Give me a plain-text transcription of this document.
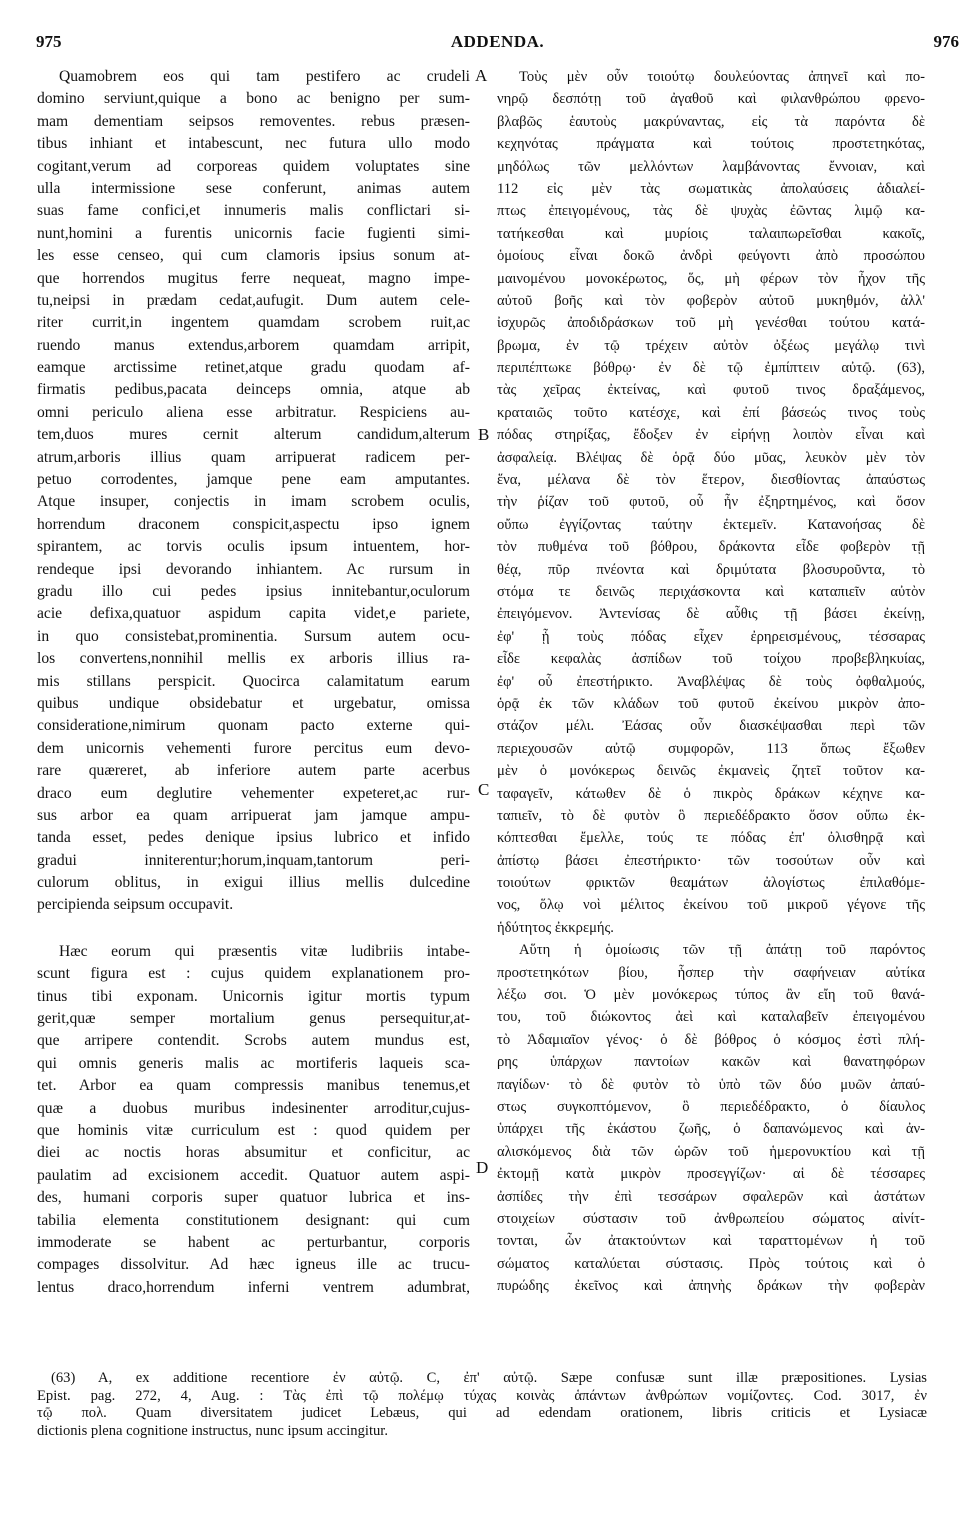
975	ADDENDA.	976
Quamobrem eos qui tam pestifero ac crudeli
domino serviunt,quique a bono ac benigno per sum-
mam dementiam seipsos removentes. rebus præsen-
tibus inhiant et intabescunt, nec futura ullo modo
cogitant,verum ad corporeas quidem voluptates sine
ulla intermissione sese conferunt, animas autem
suas fame confici,et innumeris malis conflictari si-
nunt,homini a furentis unicornis facie fugienti simi-
les esse censeo, qui cum clamoris ipsius sonum at-
que horrendos mugitus ferre nequeat, magno impe-
tu,neipsi in prædam cedat,aufugit. Dum autem cele-
riter currit,in ingentem quamdam scrobem ruit,ac
ruendo manus extendus,arborem quamdam arripit,
eamque arctissime retinet,atque gradu quodam af-
firmatis pedibus,pacata deinceps omnia, atque ab
omni periculo aliena esse arbitratur. Respiciens au-
tem,duos mures cernit alterum candidum,alterum
atrum,arboris illius quam arripuerat radicem per-
petuo corrodentes, jamque pene eam amputantes.
Atque insuper, conjectis in imam scrobem oculis,
horrendum draconem conspicit,aspectu ipso ignem
spirantem, ac torvis oculis ipsum intuentem, hor-
rendeque ipsi devorando inhiantem. Ac rursum in
gradu illo cui pedes ipsius innitebantur,oculorum
acie defixa,quatuor aspidum capita videt,e pariete,
in quo consistebat,prominentia. Sursum autem ocu-
los convertens,nonnihil mellis ex arboris illius ra-
mis stillans perspicit. Quocirca calamitatum earum
quibus undique obsidebatur et urgebatur, omissa
consideratione,nimirum quonam pacto externe qui-
dem unicornis vehementi furore percitus eum devo-
rare quæreret, ab inferiore autem parte acerbus
draco eum deglutire vehementer expeteret,ac rur-
sus arbor ea quam arripuerat jam jamque ampu-
tanda esset, pedes denique ipsius lubrico et infido
gradui inniterentur;horum,inquam,tantorum peri-
culorum oblitus, in exigui illius mellis dulcedine
percipienda seipsum occupavit.
Hæc eorum qui præsentis vitæ ludibriis intabe-
scunt figura est : cujus quidem explanationem pro-
tinus tibi exponam. Unicornis igitur mortis typum
gerit,quæ semper mortalium genus persequitur,at-
que arripere contendit. Scrobs autem mundus est,
qui omnis generis malis ac mortiferis laqueis sca-
tet. Arbor ea quam compressis manibus tenemus,et
quæ a duobus muribus indesinenter arroditur,cujus-
que hominis vitæ curriculum est : quod quidem per
diei ac noctis horas absumitur et conficitur, ac
paulatim ad excisionem accedit. Quatuor autem aspi-
des, humani corporis super quatuor lubrica et ins-
tabilia elementa constitutionem designant: qui cum
immoderate se habent ac perturbantur, corporis
compages dissolvitur. Ad hæc igneus ille ac trucu-
lentus draco,horrendum inferni ventrem adumbrat,
Τοὺς μὲν οὖν τοιούτῳ δουλεύοντας ἀπηνεῖ καὶ πο-
νηρῷ δεσπότῃ τοῦ ἀγαθοῦ καὶ φιλανθρώπου φρενο-
βλαβῶς ἑαυτοὺς μακρύναντας, εἰς τὰ παρόντα δὲ
κεχηνότας πράγματα καὶ τούτοις προστετηκότας,
μηδόλως τῶν μελλόντων λαμβάνοντας ἔννοιαν, καὶ
112 εἰς μὲν τὰς σωματικὰς ἀπολαύσεις ἀδιαλεί-
πτως ἐπειγομένους, τὰς δὲ ψυχὰς ἐῶντας λιμῷ κα-
τατήκεσθαι καὶ μυρίοις ταλαιπωρεῖσθαι κακοῖς,
ὁμοίους εἶναι δοκῶ ἀνδρὶ φεύγοντι ἀπὸ προσώπου
μαινομένου μονοκέρωτος, ὅς, μὴ φέρων τὸν ἦχον τῆς
αὐτοῦ βοῆς καὶ τὸν φοβερὸν αὐτοῦ μυκηθμόν, ἀλλ'
ἰσχυρῶς ἀποδιδράσκων τοῦ μὴ γενέσθαι τούτου κατά-
βρωμα, ἐν τῷ τρέχειν αὐτὸν ὀξέως μεγάλῳ τινὶ
περιπέπτωκε βόθρῳ· ἐν δὲ τῷ ἐμπίπτειν αὐτῷ. (63),
τὰς χεῖρας ἐκτείνας, καὶ φυτοῦ τινος δραξάμενος,
κραταιῶς τοῦτο κατέσχε, καὶ ἐπί βάσεώς τινος τοὺς
πόδας στηρίξας, ἔδοξεν ἐν εἰρήνῃ λοιπὸν εἶναι καὶ
ἀσφαλείᾳ. Βλέψας δὲ ὁρᾷ δύο μῦας, λευκὸν μὲν τὸν
ἕνα, μέλανα δὲ τὸν ἕτερον, διεσθίοντας ἀπαύστως
τὴν ῥίζαν τοῦ φυτοῦ, οὗ ἦν ἐξηρτημένος, καὶ ὅσον
οὔπω ἐγγίζοντας ταύτην ἐκτεμεῖν. Κατανοήσας δὲ
τὸν πυθμένα τοῦ βόθρου, δράκοντα εἶδε φοβερὸν τῇ
θέᾳ, πῦρ πνέοντα καὶ δριμύτατα βλοσυροῦντα, τὸ
στόμα τε δεινῶς περιχάσκοντα καὶ καταπιεῖν αὐτὸν
ἐπειγόμενον. Ἀντενίσας δὲ αὖθις τῇ βάσει ἐκείνῃ,
ἐφ' ᾗ τοὺς πόδας εἶχεν ἐρηρεισμένους, τέσσαρας
εἶδε κεφαλὰς ἀσπίδων τοῦ τοίχου προβεβληκυίας,
ἐφ' οὗ ἐπεστήρικτο. Ἀναβλέψας δὲ τοὺς ὀφθαλμούς,
ὁρᾷ ἐκ τῶν κλάδων τοῦ φυτοῦ ἐκείνου μικρὸν ἀπο-
στάζον μέλι. Ἐάσας οὖν διασκέψασθαι περὶ τῶν
περιεχουσῶν αὐτῷ συμφορῶν, 113 ὅπως ἔξωθεν
μὲν ὁ μονόκερως δεινῶς ἐκμανεὶς ζητεῖ τοῦτον κα-
ταφαγεῖν, κάτωθεν δὲ ὁ πικρὸς δράκων κέχηνε κα-
ταπιεῖν, τὸ δὲ φυτὸν ὃ περιεδέδρακτο ὅσον οὔπω ἐκ-
κόπτεσθαι ἔμελλε, τούς τε πόδας ἐπ' ὀλισθηρᾷ καὶ
ἀπίστῳ βάσει ἐπεστήρικτο· τῶν τοσούτων οὖν καὶ
τοιούτων φρικτῶν θεαμάτων ἀλογίστως ἐπιλαθόμε-
νος, ὅλῳ νοὶ μέλιτος ἐκείνου τοῦ μικροῦ γέγονε τῆς
ἡδύτητος ἐκκρεμής.
Αὕτη ἡ ὁμοίωσις τῶν τῇ ἀπάτῃ τοῦ παρόντος
προστετηκότων βίου, ἧσπερ τὴν σαφήνειαν αὐτίκα
λέξω σοι. Ὁ μὲν μονόκερως τύπος ἂν εἴη τοῦ θανά-
του, τοῦ διώκοντος ἀεὶ καὶ καταλαβεῖν ἐπειγομένου
τὸ Ἀδαμιαῖον γένος· ὁ δὲ βόθρος ὁ κόσμος ἐστὶ πλή-
ρης ὑπάρχων παντοίων κακῶν καὶ θανατηφόρων
παγίδων· τὸ δὲ φυτὸν τὸ ὑπὸ τῶν δύο μυῶν ἀπαύ-
στως συγκοπτόμενον, ὃ περιεδέδρακτο, ὁ δίαυλος
ὑπάρχει τῆς ἑκάστου ζωῆς, ὁ δαπανώμενος καὶ ἀν-
αλισκόμενος διὰ τῶν ὡρῶν τοῦ ἡμερονυκτίου καὶ τῇ
ἐκτομῇ κατὰ μικρὸν προσεγγίζων· αἱ δὲ τέσσαρες
ἀσπίδες τὴν ἐπὶ τεσσάρων σφαλερῶν καὶ ἀστάτων
στοιχείων σύστασιν τοῦ ἀνθρωπείου σώματος αἰνίτ-
τονται, ὧν ἀτακτούντων καὶ ταραττομένων ἡ τοῦ
σώματος καταλύεται σύστασις. Πρὸς τούτοις καὶ ὁ
πυρώδης ἐκεῖνος καὶ ἀπηνὴς δράκων τὴν φοβερὰν
A
B
C
D
(63) A, ex additione recentiore ἐν αὐτῷ. C, ἐπ' αὐτῷ. Sæpe confusæ sunt illæ præpositiones. Lysias
Epist. pag. 272, 4, Aug. : Τὰς ἐπὶ τῷ πολέμῳ τύχας κοινὰς ἁπάντων ἀνθρώπων νομίζοντες. Cod. 3017, ἐν
τῷ πολ. Quam diversitatem judicet Lebæus, qui ad edendam orationem, libris criticis et Lysiacæ
dictionis plena cognitione instructus, nunc ipsum accingitur.
